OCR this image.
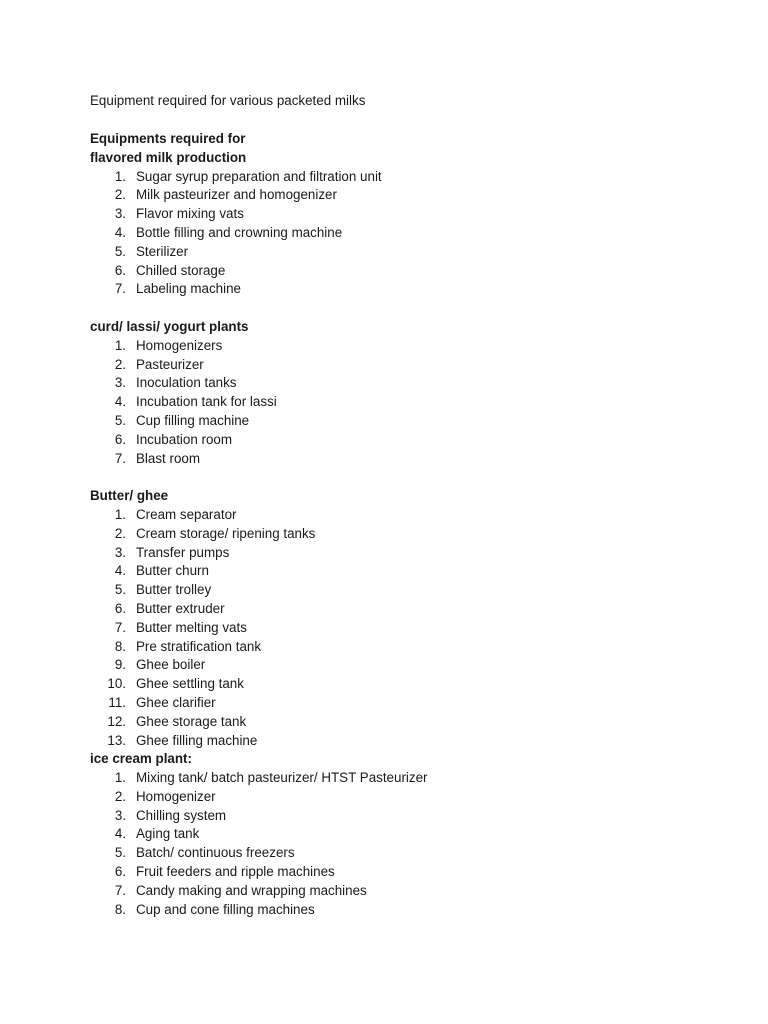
Equipment required for various packeted milks

Equipments required for

flavored milk production

1. Sugar syrup preparation and filtration unit
2. Milk pasteurizer and homogenizer
3. Flavor mixing vats
4. Bottle filling and crowning machine
5. Sterilizer
6. Chilled storage
7. Labeling machine

curd/ lassi/ yogurt plants

1. Homogenizers
2. Pasteurizer
3. Inoculation tanks
4. Incubation tank for lassi
5. Cup filling machine
6. Incubation room
7. Blast room

Butter/ ghee

1. Cream separator
2. Cream storage/ ripening tanks
3. Transfer pumps
4. Butter churn
5. Butter trolley
6. Butter extruder
7. Butter melting vats
8. Pre stratification tank
9. Ghee boiler
10. Ghee settling tank
11. Ghee clarifier
12. Ghee storage tank
13. Ghee filling machine

ice cream plant:

1. Mixing tank/ batch pasteurizer/ HTST Pasteurizer
2. Homogenizer
3. Chilling system
4. Aging tank
5. Batch/ continuous freezers
6. Fruit feeders and ripple machines
7. Candy making and wrapping machines
8. Cup and cone filling machines
